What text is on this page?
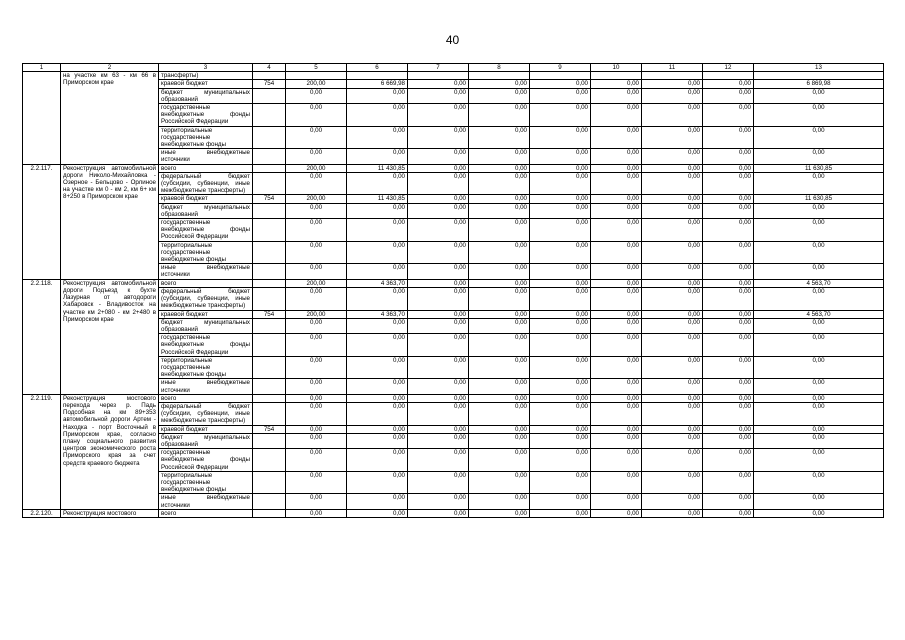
40
1	2	3	4	5	6	7	8	9	10	11	12	13
	на участке км 63 - км 66 в Приморском крае	трансферты)										
		краевой бюджет	754	200,00	6 669,98	0,00	0,00	0,00	0,00	0,00	0,00	6 869,98
		бюджет муниципальных образований		0,00	0,00	0,00	0,00	0,00	0,00	0,00	0,00	0,00
		государственные внебюджетные фонды Российской Федерации		0,00	0,00	0,00	0,00	0,00	0,00	0,00	0,00	0,00
		территориальные государственные внебюджетные фонды		0,00	0,00	0,00	0,00	0,00	0,00	0,00	0,00	0,00
		иные внебюджетные источники		0,00	0,00	0,00	0,00	0,00	0,00	0,00	0,00	0,00
2.2.117.	Реконструкция автомобильной дороги Николо-Михайловка - Озерное - Бельцово - Орлиное на участке км 0 - км 2, км 6+ км 8+250 в Приморском крае	всего		200,00	11 430,85	0,00	0,00	0,00	0,00	0,00	0,00	11 630,85
		федеральный бюджет (субсидии, субвенции, иные межбюджетные трансферты)		0,00	0,00	0,00	0,00	0,00	0,00	0,00	0,00	0,00
		краевой бюджет	754	200,00	11 430,85	0,00	0,00	0,00	0,00	0,00	0,00	11 630,85
		бюджет муниципальных образований		0,00	0,00	0,00	0,00	0,00	0,00	0,00	0,00	0,00
		государственные внебюджетные фонды Российской Федерации		0,00	0,00	0,00	0,00	0,00	0,00	0,00	0,00	0,00
		территориальные государственные внебюджетные фонды		0,00	0,00	0,00	0,00	0,00	0,00	0,00	0,00	0,00
		иные внебюджетные источники		0,00	0,00	0,00	0,00	0,00	0,00	0,00	0,00	0,00
2.2.118.	Реконструкция автомобильной дороги Подъезд к бухте Лазурная от автодороги Хабаровск - Владивосток на участке км 2+080 - км 2+480 в Приморском крае	всего		200,00	4 363,70	0,00	0,00	0,00	0,00	0,00	0,00	4 563,70
		федеральный бюджет (субсидии, субвенции, иные межбюджетные трансферты)		0,00	0,00	0,00	0,00	0,00	0,00	0,00	0,00	0,00
		краевой бюджет	754	200,00	4 363,70	0,00	0,00	0,00	0,00	0,00	0,00	4 563,70
		бюджет муниципальных образований		0,00	0,00	0,00	0,00	0,00	0,00	0,00	0,00	0,00
		государственные внебюджетные фонды Российской Федерации		0,00	0,00	0,00	0,00	0,00	0,00	0,00	0,00	0,00
		территориальные государственные внебюджетные фонды		0,00	0,00	0,00	0,00	0,00	0,00	0,00	0,00	0,00
		иные внебюджетные источники		0,00	0,00	0,00	0,00	0,00	0,00	0,00	0,00	0,00
2.2.119.	Реконструкция мостового перехода через р. Падь Подсобная на км 89+353 автомобильной дороги Артем - Находка - порт Восточный в Приморском крае, согласно плану социального развития центров экономического роста Приморского края за счет средств краевого бюджета	всего		0,00	0,00	0,00	0,00	0,00	0,00	0,00	0,00	0,00
		федеральный бюджет (субсидии, субвенции, иные межбюджетные трансферты)		0,00	0,00	0,00	0,00	0,00	0,00	0,00	0,00	0,00
		краевой бюджет	754	0,00	0,00	0,00	0,00	0,00	0,00	0,00	0,00	0,00
		бюджет муниципальных образований		0,00	0,00	0,00	0,00	0,00	0,00	0,00	0,00	0,00
		государственные внебюджетные фонды Российской Федерации		0,00	0,00	0,00	0,00	0,00	0,00	0,00	0,00	0,00
		территориальные государственные внебюджетные фонды		0,00	0,00	0,00	0,00	0,00	0,00	0,00	0,00	0,00
		иные внебюджетные источники		0,00	0,00	0,00	0,00	0,00	0,00	0,00	0,00	0,00
2.2.120.	Реконструкция мостового	всего		0,00	0,00	0,00	0,00	0,00	0,00	0,00	0,00	0,00
